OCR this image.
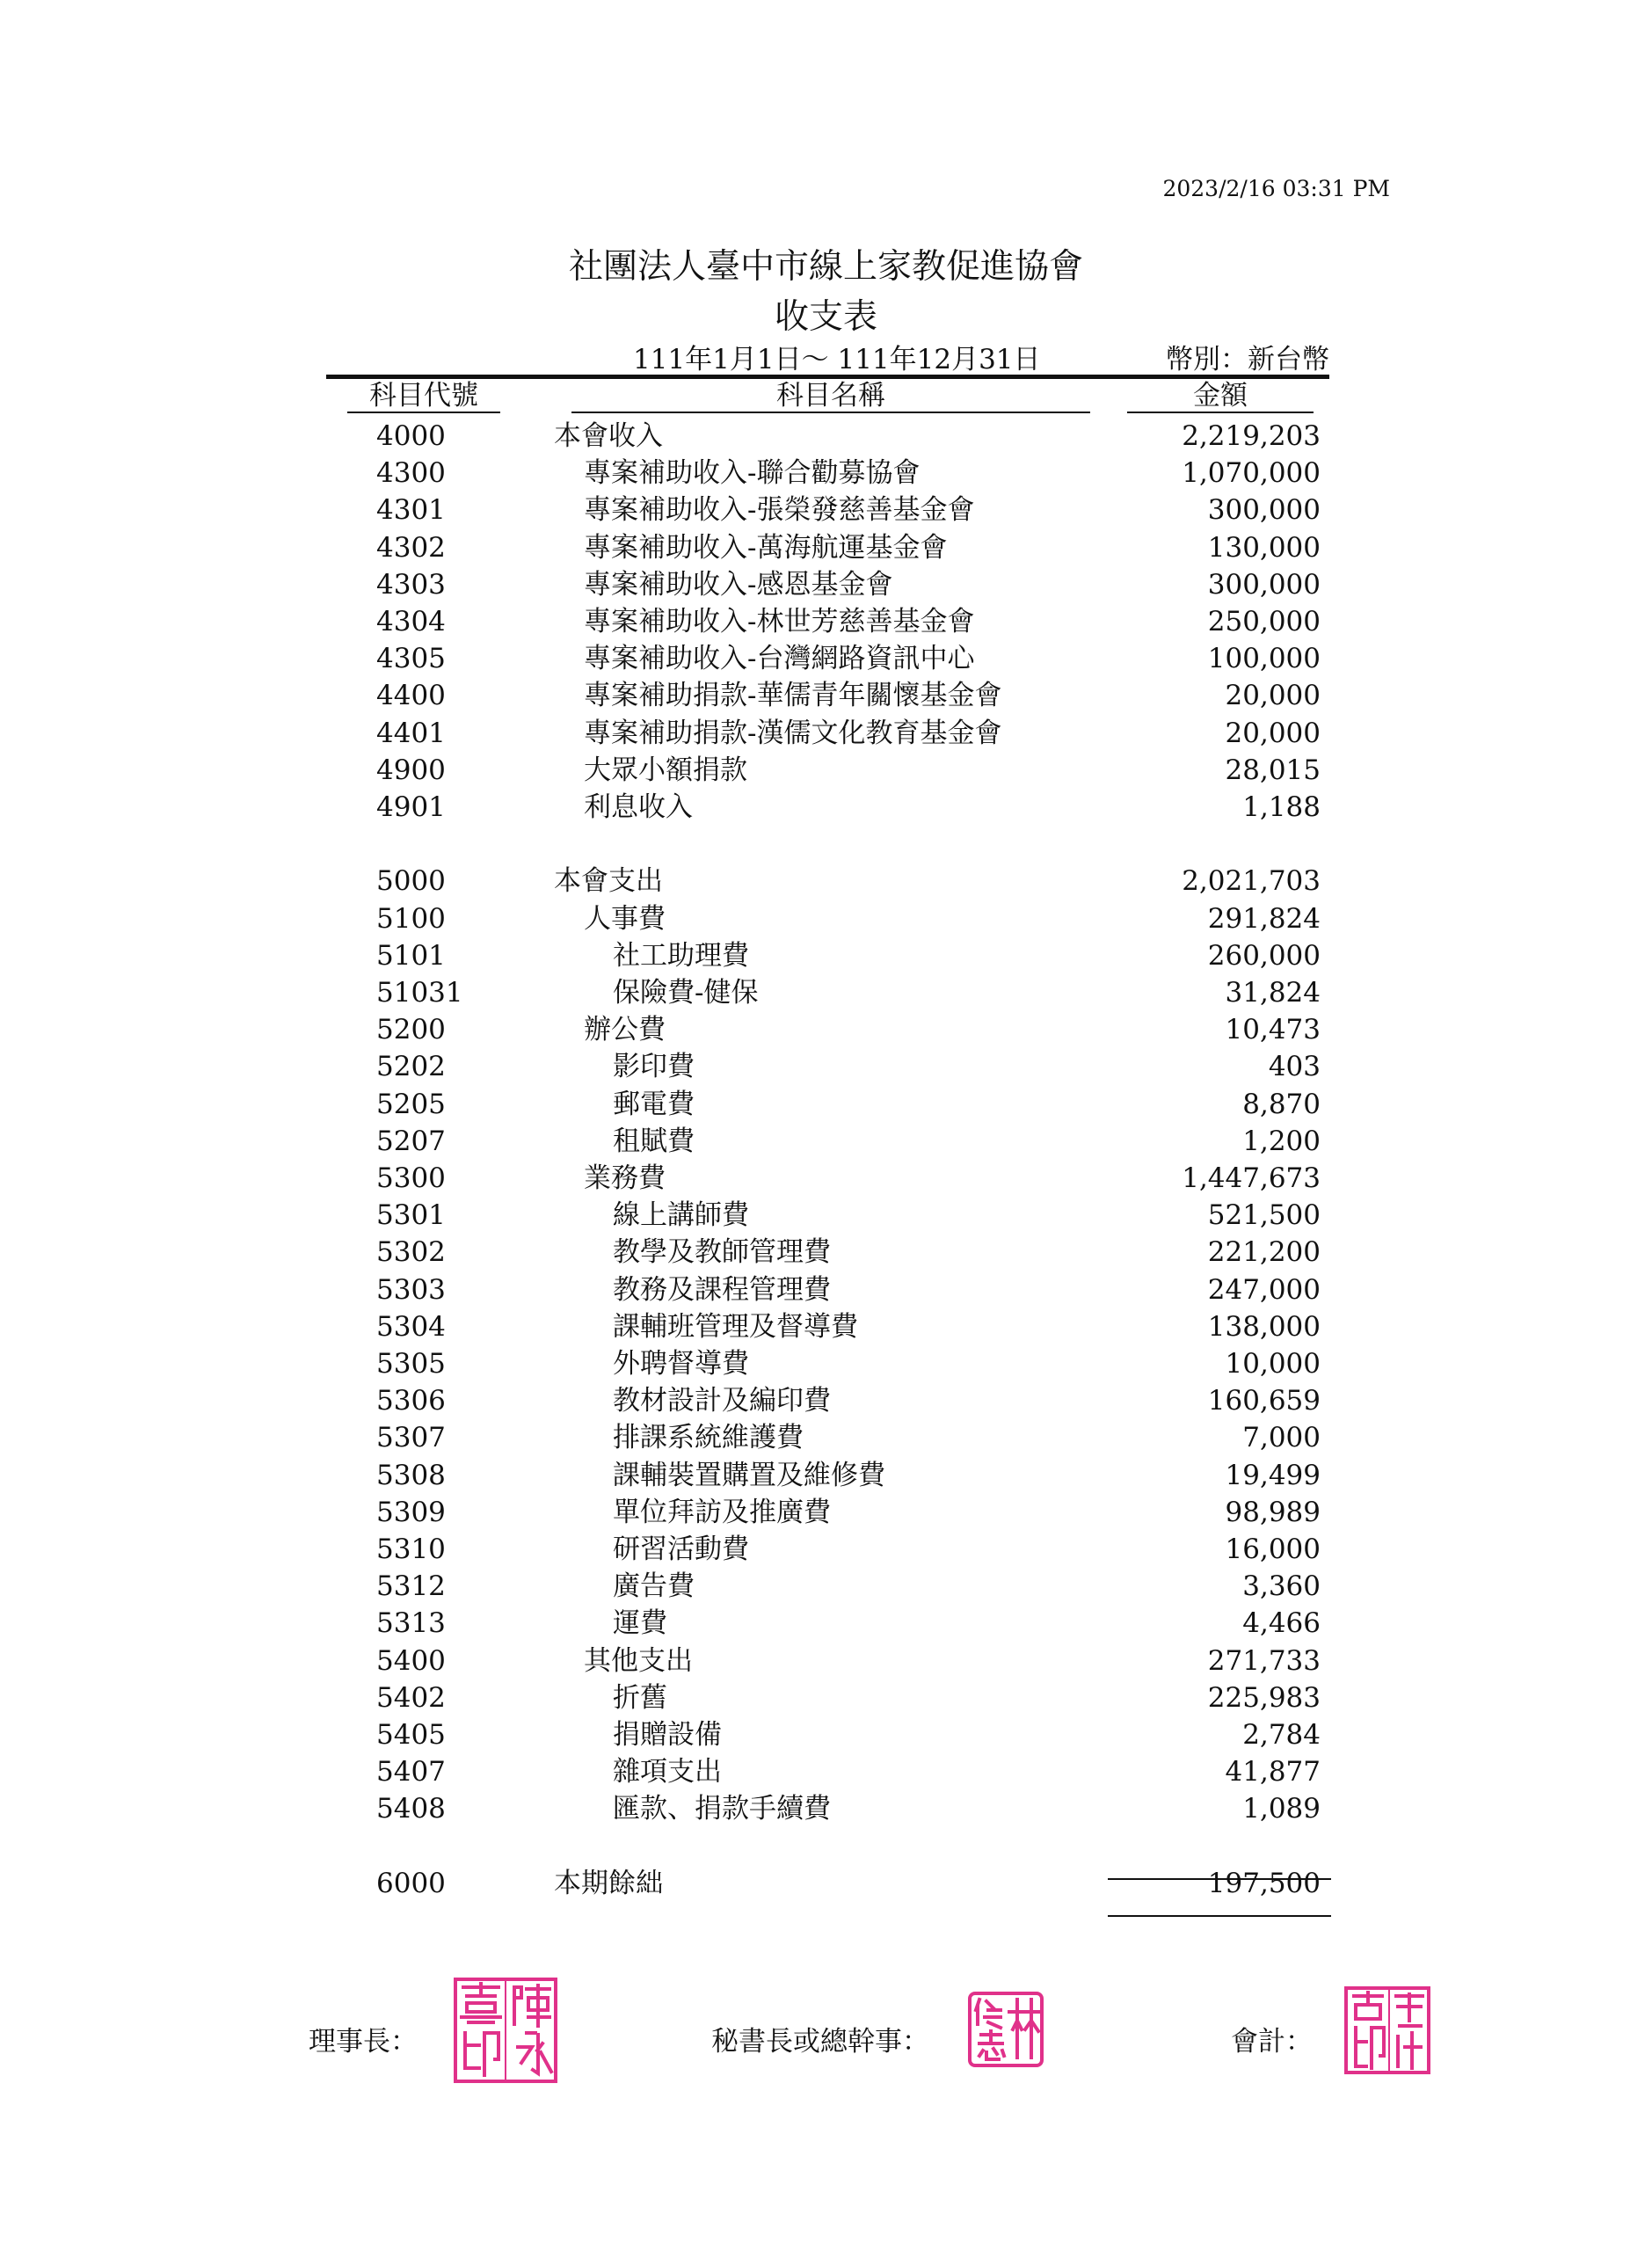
2023/2/16 03:31 PM
社團法人臺中市線上家教促進協會
收支表
111年1月1日～ 111年12月31日	幣別：新台幣
科目代號	科目名稱	金額
4000	本會收入	2,219,203
4300	專案補助收入-聯合勸募協會	1,070,000
4301	專案補助收入-張榮發慈善基金會	300,000
4302	專案補助收入-萬海航運基金會	130,000
4303	專案補助收入-感恩基金會	300,000
4304	專案補助收入-林世芳慈善基金會	250,000
4305	專案補助收入-台灣網路資訊中心	100,000
4400	專案補助捐款-華儒青年關懷基金會	20,000
4401	專案補助捐款-漢儒文化教育基金會	20,000
4900	大眾小額捐款	28,015
4901	利息收入	1,188
5000	本會支出	2,021,703
5100	人事費	291,824
5101	社工助理費	260,000
51031	保險費-健保	31,824
5200	辦公費	10,473
5202	影印費	403
5205	郵電費	8,870
5207	租賦費	1,200
5300	業務費	1,447,673
5301	線上講師費	521,500
5302	教學及教師管理費	221,200
5303	教務及課程管理費	247,000
5304	課輔班管理及督導費	138,000
5305	外聘督導費	10,000
5306	教材設計及編印費	160,659
5307	排課系統維護費	7,000
5308	課輔裝置購置及維修費	19,499
5309	單位拜訪及推廣費	98,989
5310	研習活動費	16,000
5312	廣告費	3,360
5313	運費	4,466
5400	其他支出	271,733
5402	折舊	225,983
5405	捐贈設備	2,784
5407	雜項支出	41,877
5408	匯款、捐款手續費	1,089
6000	本期餘絀	197,500
理事長：	秘書長或總幹事：	會計：
